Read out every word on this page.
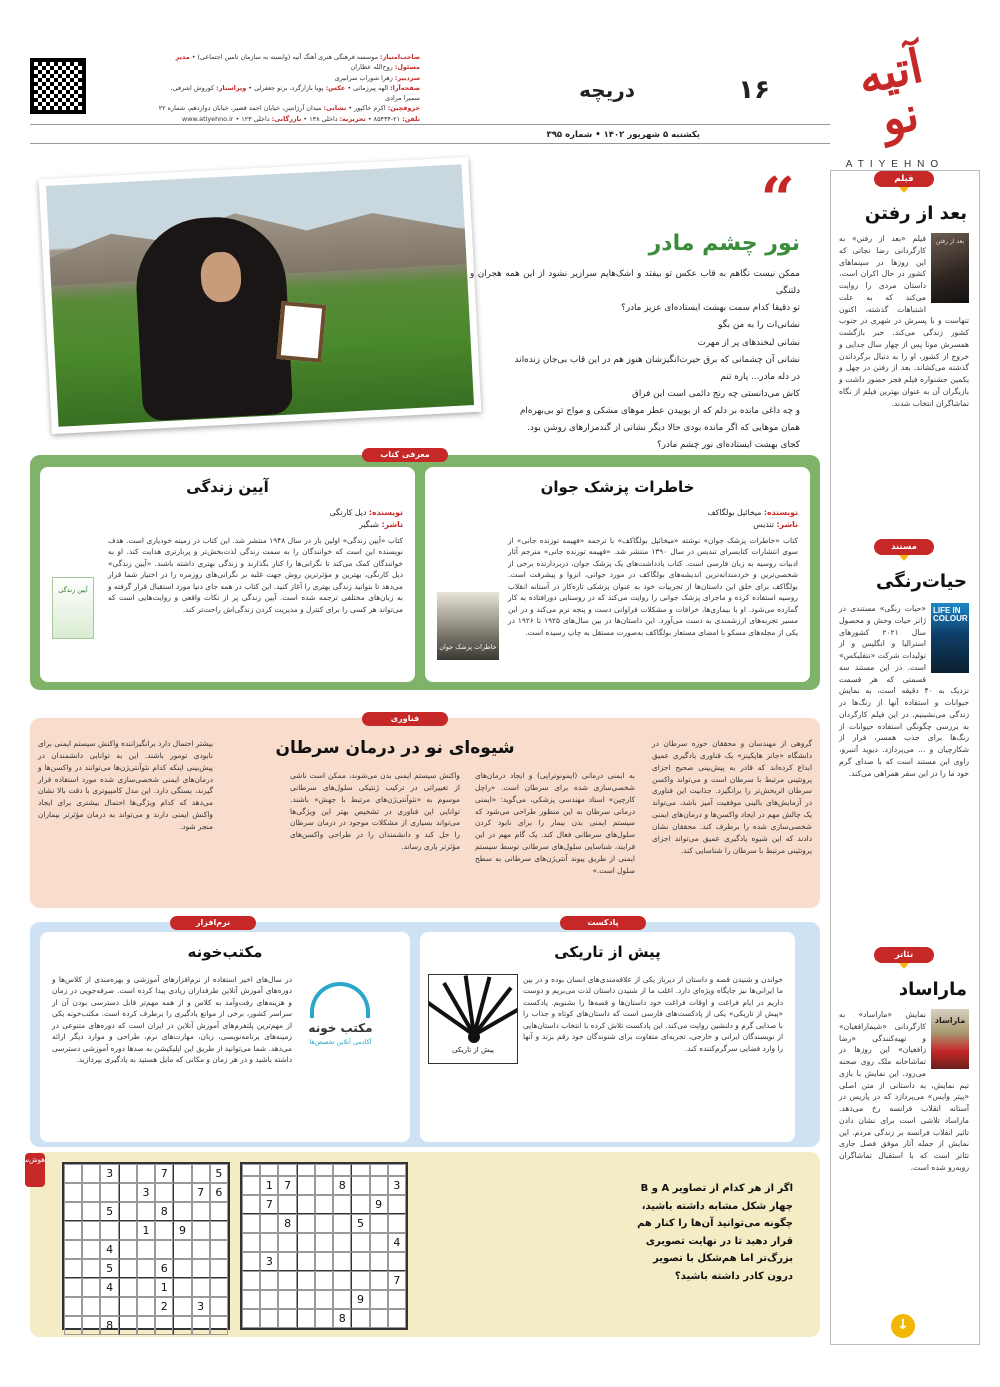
آتیه نو
ATIYEHNO
۱۶
دریچه
صاحب‌امتیاز: موسسه فرهنگی هنری آهنگ آتیه (وابسته به سازمان تامین اجتماعی) • مدیر مسئول: روح‌الله عطاران
سردبیر: زهرا شوراب سرابیری
صفحه‌آرا: الهه پیرزمانی • عکس: پویا بازارگرد، برنو جعفرلی • ویراستار: کوروش اشرفی، سمیرا مرادی
حروفچین: اکرم خاکپور • نشانی: میدان آرژانتین، خیابان احمد قصیر، خیابان دوازدهم، شماره ۲۲
تلفن: ۲۱-۸۵۴۳۴ • تحریریه: داخلی ۱۳۸ • بازرگانی: داخلی ۱۲۳ • www.atiyehno.ir
یکشنبه ۵ شهریور ۱۴۰۲ • شماره ۳۹۵
“
نور چشم مادر

ممکن نیست نگاهم به قاب عکس تو بیفتد و اشک‌هایم سرازیر نشود از این همه هجران و دلتنگی

تو دقیقا کدام سمت بهشت ایستاده‌ای عزیز مادر؟

نشانی‌ات را به من بگو

نشانی لبخندهای پر از مهرت

نشانی آن چشمانی که برق حیرت‌انگیزشان هنوز هم در این قاب بی‌جان زنده‌اند

در دله مادر... پاره تنم

کاش می‌دانستی چه رنج دائمی است این فراق

و چه داغی مانده بر دلم که از بوییدن عطر موهای مشکی و مواج تو بی‌بهره‌ام

همان موهایی که اگر مانده بودی حالا دیگر نشانی از گندمزارهای روشن بود.

کجای بهشت ایستاده‌ای نور چشم مادر؟

فیلم
بعد از رفتن
بعد از رفتن
فیلم «بعد از رفتن» به کارگردانی رضا نجاتی که این روزها در سینماهای کشور در حال اکران است، داستان مردی را روایت می‌کند که به علت اشتباهات گذشته، اکنون تنهاست و با پسرش در شهری در جنوب کشور زندگی می‌کند. خبر بازگشت همسرش مونا پس از چهار سال جدایی و خروج از کشور، او را به دنبال برگرداندن گذشته می‌کشاند. بعد از رفتن در چهل و یکمین جشنواره فیلم فجر حضور داشت و بازیگران آن به عنوان بهترین فیلم از نگاه تماشاگران انتخاب شدند.
مستند
حیات‌رنگی
LIFE IN COLOUR
«حیات رنگی» مستندی در ژانر حیات وحش و محصول سال ۲۰۲۱ کشورهای استرالیا و انگلیس و از تولیدات شرکت «نتفلیکس» است. در این مستند سه قسمتی که هر قسمت نزدیک به ۴۰ دقیقه است، به نمایش حیوانات و استفاده آنها از رنگ‌ها در زندگی می‌نشینیم. در این فیلم کارگردان به بررسی چگونگی استفاده حیوانات از رنگ‌ها برای جذب همسر، فرار از شکارچیان و ... می‌پردازد. دیوید آتنبرو، راوی این مستند است که با صدای گرم خود ما را در این سفر همراهی می‌کند.
تئاتر
ماراساد
ماراساد
نمایش «ماراساد» به کارگردانی «شیمارافغیان» و تهیه‌کنندگی «رضا زافغیان» این روزها در تماشاخانه ملک روی صحنه می‌رود. این نمایش با بازی تیم نمایش، به داستانی از متن اصلی «پیتر وایس» می‌پردازد که در پاریس در آستانه انقلاب فرانسه رخ می‌دهد. ماراساد تلاشی است برای نشان دادن تاثیر انقلاب فرانسه بر زندگی مردم. این نمایش از جمله آثار موفق فصل جاری تئاتر است که با استقبال تماشاگران روبه‌رو شده است.
↓
معرفی کتاب
خاطرات پزشک جوان
نویسنده: میخائیل بولگاکف
ناشر: تندیس
خاطرات پزشک جوان
کتاب «خاطرات پزشک جوان» نوشته «میخائیل بولگاکف» با ترجمه «فهیمه توزنده جانی» از سوی انتشارات کتابسرای تندیس در سال ۱۳۹۰ منتشر شد. «فهیمه توزنده جانی» مترجم آثار ادبیات روسیه به زبان فارسی است. کتاب یادداشت‌های یک پزشک جوان، دربردارنده برخی از شخصی‌ترین و خردمندانه‌ترین اندیشه‌های بولگاکف در مورد جوانی، انزوا و پیشرفت است. بولگاکف برای خلق این داستان‌ها از تجربیات خود به عنوان پزشکی تازه‌کار در آستانه انقلاب روسیه استفاده کرده و ماجرای پزشک جوانی را روایت می‌کند که در روستایی دورافتاده به کار گمارده می‌شود. او با بیماری‌ها، خرافات و مشکلات فراوانی دست و پنجه نرم می‌کند و در این مسیر تجربه‌های ارزشمندی به دست می‌آورد. این داستان‌ها در بین سال‌های ۱۹۲۵ تا ۱۹۲۶ در یکی از مجله‌های مسکو با امضای مستعار بولگاکف به‌صورت مستقل به چاپ رسیده است.
آیین زندگی
نویسنده: دیل کارنگی
ناشر: شبگیر
آیین زندگی
کتاب «آیین زندگی» اولین بار در سال ۱۹۴۸ منتشر شد. این کتاب در زمینه خودیاری است. هدف نویسنده این است که خوانندگان را به سمت زندگی لذت‌بخش‌تر و پربارتری هدایت کند. او به خوانندگان کمک می‌کند تا نگرانی‌ها را کنار بگذارند و زندگی بهتری داشته باشند. «آیین زندگی» دیل کارنگی، بهترین و مؤثرترین روش جهت غلبه بر نگرانی‌های روزمره را در اختیار شما قرار می‌دهد تا بتوانید زندگی بهتری را آغاز کنید. این کتاب در همه جای دنیا مورد استقبال قرار گرفته و به زبان‌های مختلفی ترجمه شده است. آیین زندگی پر از نکات واقعی و روایت‌هایی است که می‌تواند هر کسی را برای کنترل و مدیریت کردن زندگی‌اش راحت‌تر کند.
فناوری
شیوه‌ای نو در درمان سرطان	گروهی از مهندسان و محققان حوزه سرطان در دانشگاه «جانز هاپکینز» یک فناوری یادگیری عمیق ابداع کرده‌اند که قادر به پیش‌بینی صحیح اجزای پروتئینی مرتبط با سرطان است و می‌تواند واکسن سرطان اثربخش‌تر را برانگیزد. جذابیت این فناوری در آزمایش‌های بالینی موفقیت آمیز باشد، می‌تواند یک چالش مهم در ایجاد واکسن‌ها و درمان‌های ایمنی شخصی‌سازی شده را برطرف کند. محققان نشان دادند که این شیوه یادگیری عمیق می‌تواند اجزای پروتئینی مرتبط با سرطان را شناسایی کند.
به ایمنی درمانی (ایمونوتراپی) و ایجاد درمان‌های شخصی‌سازی شده برای سرطان است. «راچل کارچین» استاد مهندسی پزشکی، می‌گوید: «ایمنی درمانی سرطان به این منظور طراحی می‌شود که سیستم ایمنی بدن بیمار را برای نابود کردن سلول‌های سرطانی فعال کند. یک گام مهم در این فرایند، شناسایی سلول‌های سرطانی توسط سیستم ایمنی از طریق پیوند آنتی‌ژن‌های سرطانی به سطح سلول است.»
واکنش سیستم ایمنی بدن می‌شوند، ممکن است ناشی از تغییراتی در ترکیب ژنتیکی سلول‌های سرطانی موسوم به «نئوآنتی‌ژن‌های مرتبط با جهش» باشند. توانایی این فناوری در تشخیص بهتر این ویژگی‌ها می‌تواند بسیاری از مشکلات موجود در درمان سرطان را حل کند و دانشمندان را در طراحی واکسن‌های مؤثرتر یاری رساند.
بیشتر احتمال دارد برانگیزاننده واکنش سیستم ایمنی برای نابودی تومور باشند. این به توانایی دانشمندان در پیش‌بینی اینکه کدام نئوآنتی‌ژن‌ها می‌توانند در واکسن‌ها و درمان‌های ایمنی شخصی‌سازی شده مورد استفاده قرار گیرند، بستگی دارد. این مدل کامپیوتری با دقت بالا نشان می‌دهد که کدام ویژگی‌ها احتمال بیشتری برای ایجاد واکنش ایمنی دارند و می‌تواند به درمان مؤثرتر بیماران منجر شود.
نرم‌افزار	پادکست
مکتب‌خونه
مکتب خونه
آکادمی آنلاین تخصص‌ها
در سال‌های اخیر استفاده از نرم‌افزارهای آموزشی و بهره‌مندی از کلاس‌ها و دوره‌های آموزش آنلاین طرفداران زیادی پیدا کرده است. صرفه‌جویی در زمان و هزینه‌های رفت‌وآمد به کلاس و از همه مهم‌تر قابل دسترسی بودن آن از سراسر کشور، برخی از موانع یادگیری را برطرف کرده است. مکتب‌خونه یکی از مهم‌ترین پلتفرم‌های آموزش آنلاین در ایران است که دوره‌های متنوعی در زمینه‌های برنامه‌نویسی، زبان، مهارت‌های نرم، طراحی و موارد دیگر ارائه می‌دهد. شما می‌توانید از طریق این اپلیکیشن به صدها دوره آموزشی دسترسی داشته باشید و در هر زمان و مکانی که مایل هستید به یادگیری بپردازید.
پیش از تاریکی
پیش از تاریکی
خواندن و شنیدن قصه و داستان از دیرباز یکی از علاقه‌مندی‌های انسان بوده و در بین ما ایرانی‌ها نیز جایگاه ویژه‌ای دارد. اغلب ما از شنیدن داستان لذت می‌بریم و دوست داریم در ایام فراغت و اوقات فراغت خود داستان‌ها و قصه‌ها را بشنویم. پادکست «پیش از تاریکی» یکی از پادکست‌های فارسی است که داستان‌های کوتاه و جذاب را با صدایی گرم و دلنشین روایت می‌کند. این پادکست تلاش کرده با انتخاب داستان‌هایی از نویسندگان ایرانی و خارجی، تجربه‌ای متفاوت برای شنوندگان خود رقم بزند و آنها را وارد فضایی سرگرم‌کننده کند.
هوش‌سنج
5
7
3
6
7
3
8
5
9
1
4
6
5
1
4
3
2
8
3
8
7
1
9
7
5
8
4
3
7
9
8
اگر از هر کدام از تصاویر A و B چهار شکل مشابه داشته باشید، چگونه می‌توانید آن‌ها را کنار هم قرار دهید تا در نهایت تصویری بزرگ‌تر اما هم‌شکل با تصویر درون کادر داشته باشید؟
